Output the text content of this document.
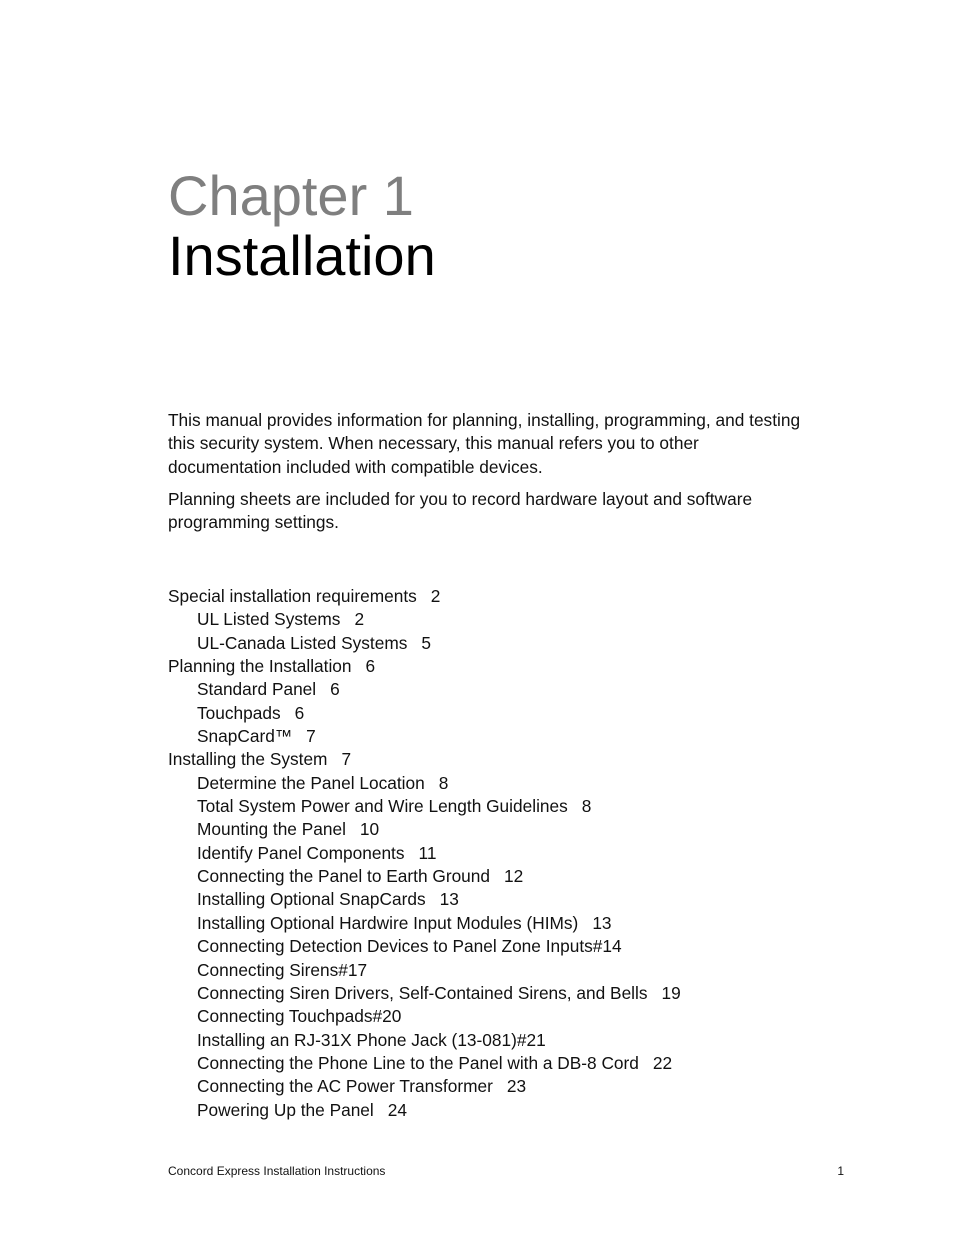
Chapter 1
Installation

This manual provides information for planning, installing, programming, and testing this security system. When necessary, this manual refers you to other documentation included with compatible devices.

Planning sheets are included for you to record hardware layout and software programming settings.

Special installation requirements 2
UL Listed Systems 2
UL-Canada Listed Systems 5
Planning the Installation 6
Standard Panel 6
Touchpads 6
SnapCard™ 7
Installing the System 7
Determine the Panel Location 8
Total System Power and Wire Length Guidelines 8
Mounting the Panel 10
Identify Panel Components 11
Connecting the Panel to Earth Ground 12
Installing Optional SnapCards 13
Installing Optional Hardwire Input Modules (HIMs) 13
Connecting Detection Devices to Panel Zone Inputs#14
Connecting Sirens#17
Connecting Siren Drivers, Self-Contained Sirens, and Bells 19
Connecting Touchpads#20
Installing an RJ-31X Phone Jack (13-081)#21
Connecting the Phone Line to the Panel with a DB-8 Cord 22
Connecting the AC Power Transformer 23
Powering Up the Panel 24
Concord Express Installation Instructions	1
